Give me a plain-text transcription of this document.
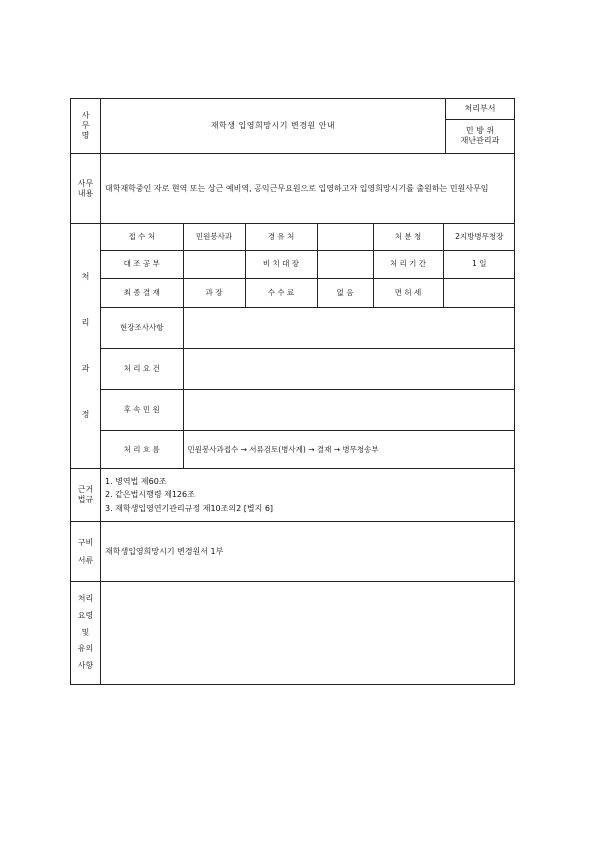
사
무
명	재학생 입영희망시기 변경원 안내	
처리부서
민 방 위
재난관리과

사무
내용	대학재학중인 자로 현역 또는 상근 예비역, 공익근무요원으로 입영하고자 입영희망시기를 출원하는 민원사무임

처
리
과
정

접 수 처	민원봉사과	경 유 처		처 분 청	2지방병무청장
대 조 공 부		비 치 대 장		처 리 기 간	1 일
최 종 결 재	과 장	수 수 료	없 음	면 허 세	
현장조사사항	
처 리 요 건	
후 속 민 원	
처 리 흐 름	민원봉사과접수 → 서류검토(병사계) → 결재 → 병무청송부

근거
법규	
1. 병역법 제60조
2. 같은법시행령 제126조
3. 재학생입영연기관리규정 제10조의2 [별지 6]

구비
서류	재학생입영희망시기 변경원서 1부
처리
요령
및
유의
사항	
